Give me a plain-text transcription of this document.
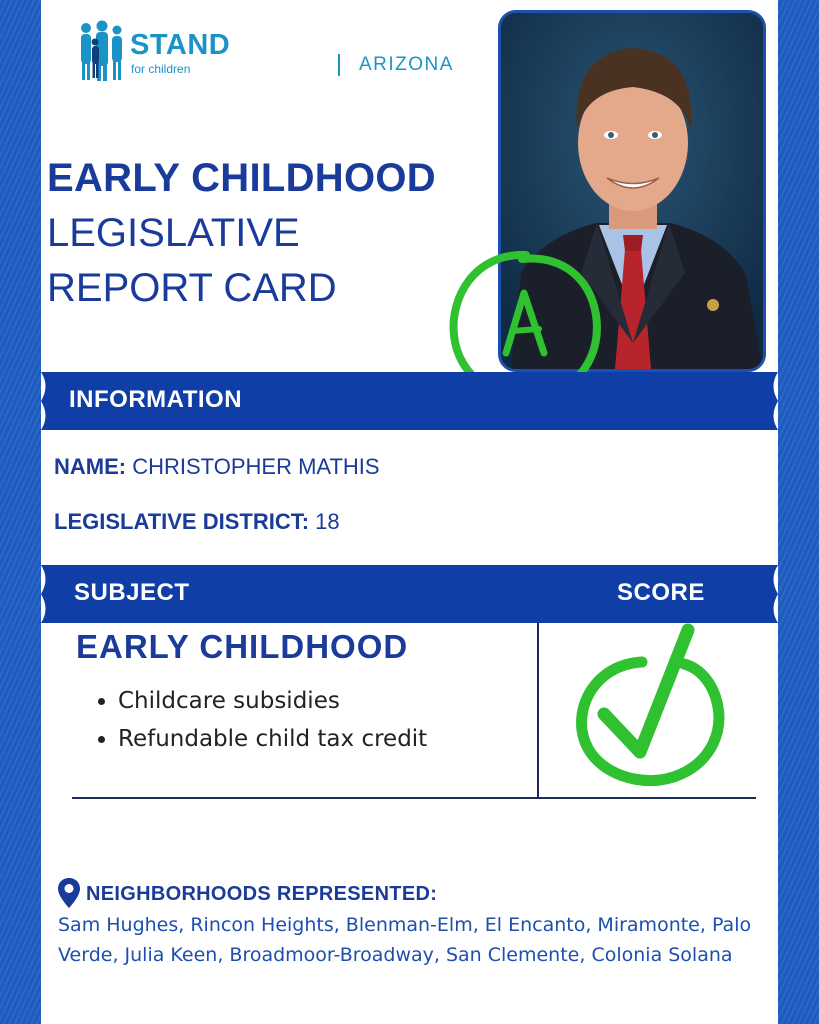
STAND
for children	ARIZONA
EARLY CHILDHOOD
LEGISLATIVE
REPORT CARD
A
INFORMATION
NAME: CHRISTOPHER MATHIS
LEGISLATIVE DISTRICT: 18
SUBJECT	SCORE
EARLY CHILDHOOD
• Childcare subsidies
• Refundable child tax credit
NEIGHBORHOODS REPRESENTED:
Sam Hughes, Rincon Heights, Blenman-Elm, El Encanto, Miramonte, Palo Verde, Julia Keen, Broadmoor-Broadway, San Clemente, Colonia Solana
